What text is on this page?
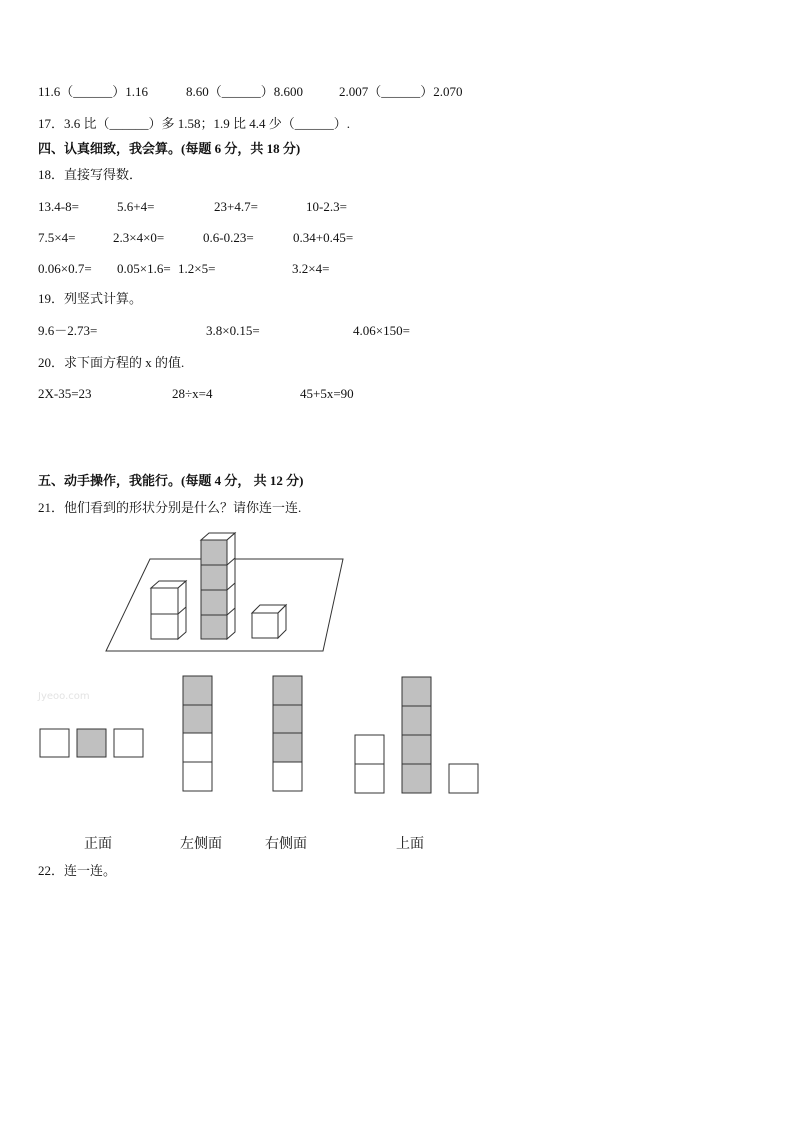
11.6（______）1.16	8.60（______）8.600	2.007（______）2.070
17．3.6 比（______）多 1.58；1.9 比 4.4 少（______）.
四、认真细致，我会算。(每题 6 分，共 18 分)
18．直接写得数．
13.4-8=	5.6+4=	23+4.7=	10-2.3=
7.5×4=	2.3×4×0=	0.6-0.23=	0.34+0.45=
0.06×0.7= 0.05×1.6= 1.2×5=	3.2×4=
19．列竖式计算。
9.6－2.73=	3.8×0.15=	4.06×150=
20．求下面方程的 x 的值.
2X-35=23	28÷x=4	45+5x=90
五、动手操作，我能行。(每题 4 分， 共 12 分)
21．他们看到的形状分别是什么？请你连一连.
Jyeoo.com
正面	左侧面	右侧面	上面
22．连一连。
